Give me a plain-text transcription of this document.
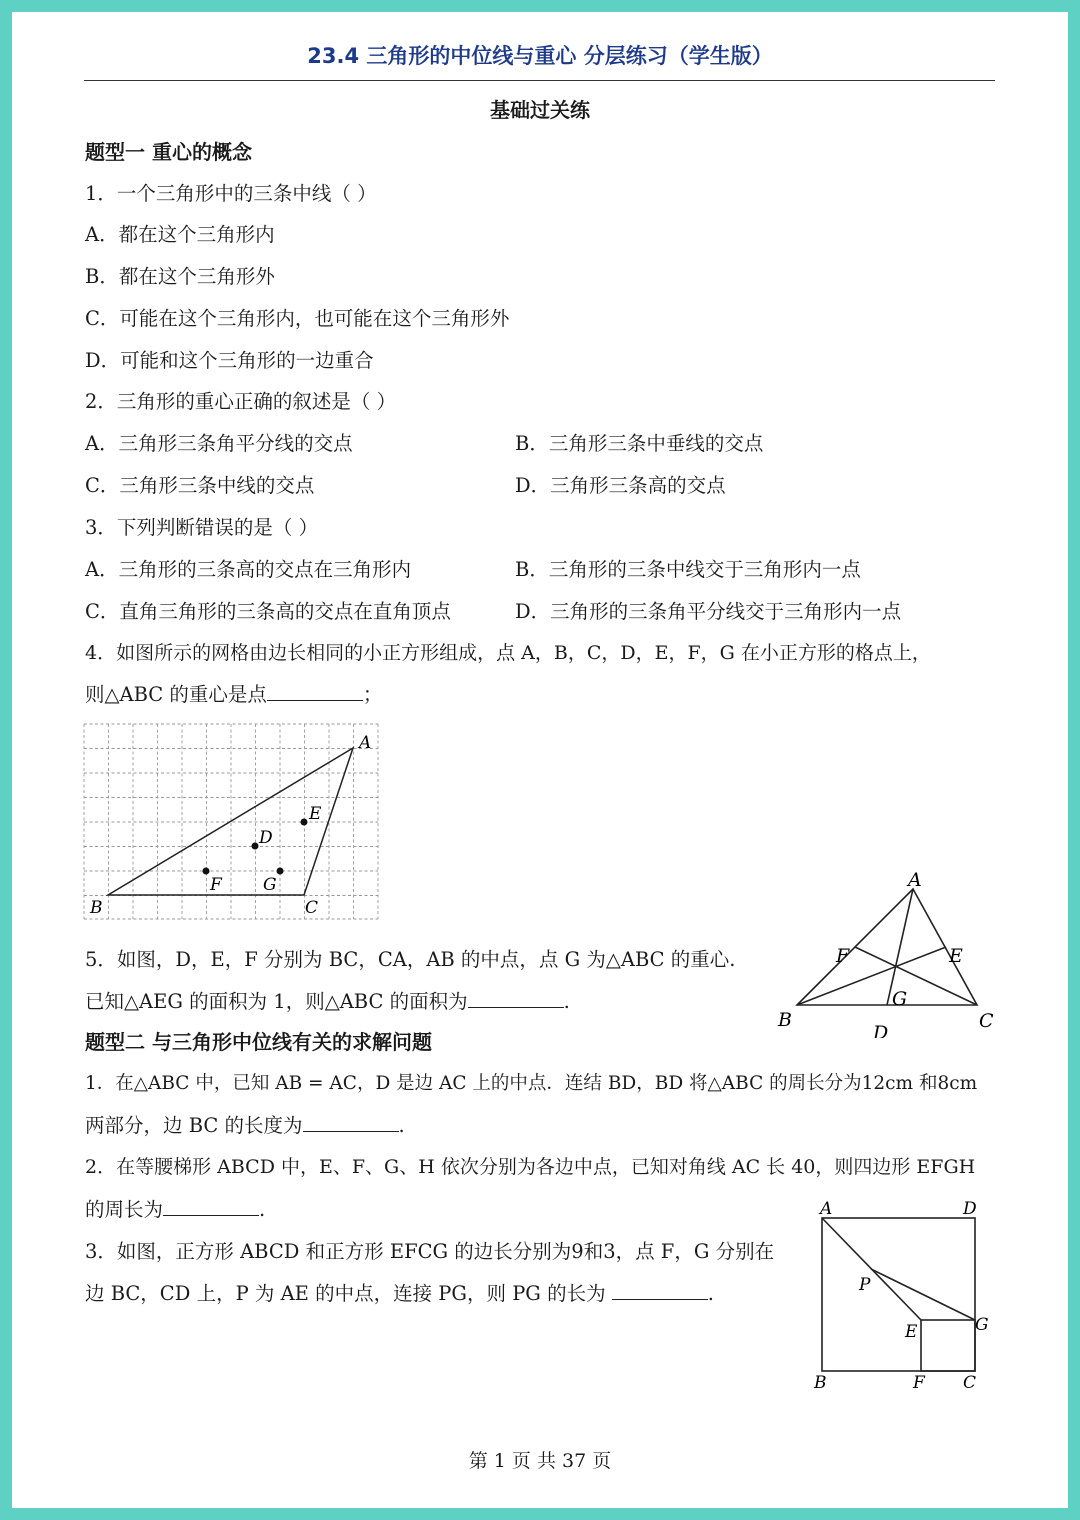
23.4 三角形的中位线与重心 分层练习（学生版）
基础过关练
题型一 重心的概念
1．一个三角形中的三条中线（ ）
A．都在这个三角形内
B．都在这个三角形外
C．可能在这个三角形内，也可能在这个三角形外
D．可能和这个三角形的一边重合
2．三角形的重心正确的叙述是（ ）
A．三角形三条角平分线的交点	B．三角形三条中垂线的交点
C．三角形三条中线的交点	D．三角形三条高的交点
3．下列判断错误的是（ ）
A．三角形的三条高的交点在三角形内	B．三角形的三条中线交于三角形内一点
C．直角三角形的三条高的交点在直角顶点	D．三角形的三条角平分线交于三角形内一点
4．如图所示的网格由边长相同的小正方形组成，点 A，B，C，D，E，F，G 在小正方形的格点上，
则△ABC 的重心是点	；
A
B	C
D
E
F G
5．如图，D，E，F 分别为 BC，CA，AB 的中点，点 G 为△ABC 的重心.
已知△AEG 的面积为 1，则△ABC 的面积为	.
A
B	C
D
E
F
G
题型二 与三角形中位线有关的求解问题
1．在△ABC 中，已知 AB = AC，D 是边 AC 上的中点．连结 BD，BD 将△ABC 的周长分为12cm 和8cm
两部分，边 BC 的长度为	.
2．在等腰梯形 ABCD 中，E、F、G、H 依次分别为各边中点，已知对角线 AC 长 40，则四边形 EFGH
的周长为	.
3．如图，正方形 ABCD 和正方形 EFCG 的边长分别为9和3，点 F，G 分别在
边 BC，CD 上，P 为 AE 的中点，连接 PG，则 PG 的长为	.
A	D
B	F C
E	G
P
第 1 页 共 37 页
